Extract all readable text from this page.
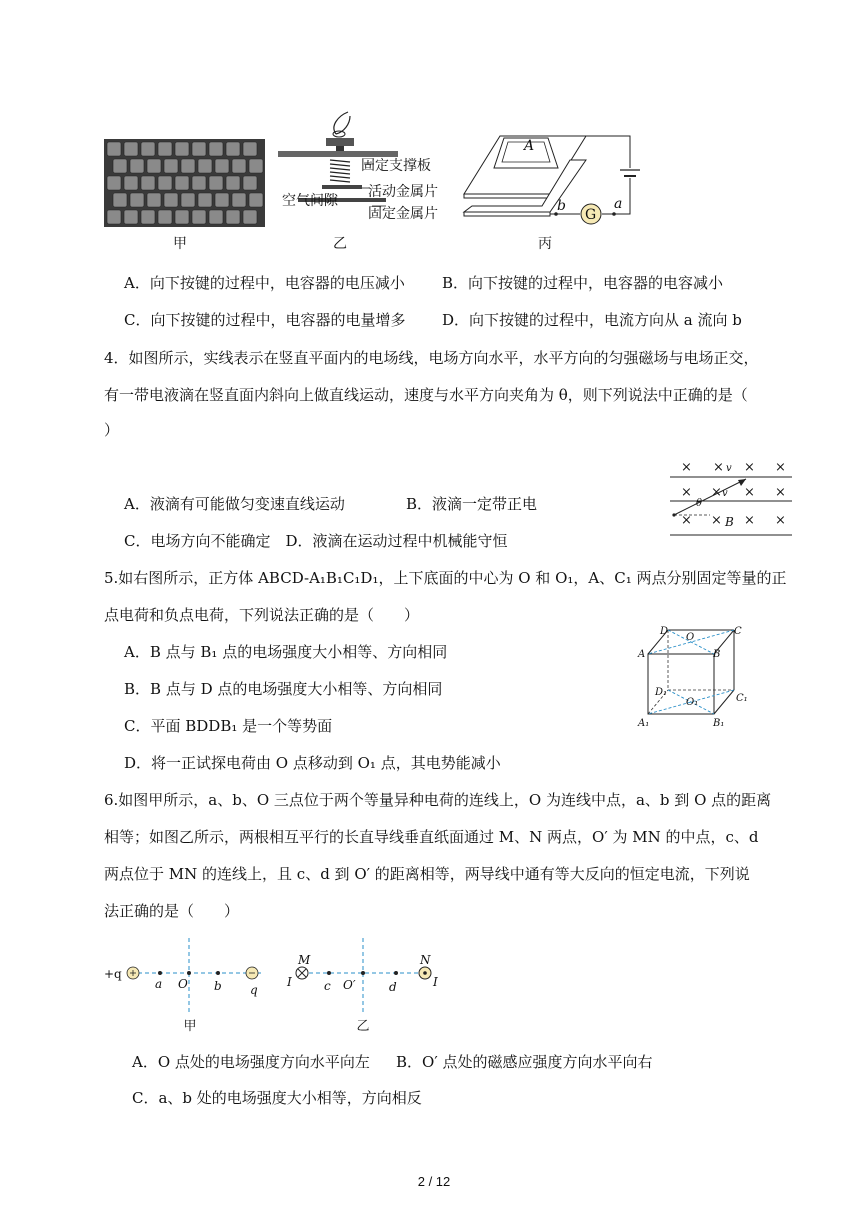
甲
固定支撑板
活动金属片
空气间隙
固定金属片
乙
A
G
b	a
丙
A．向下按键的过程中，电容器的电压减小 B．向下按键的过程中，电容器的电容减小
C．向下按键的过程中，电容器的电量增多 D．向下按键的过程中，电流方向从 a 流向 b
4．如图所示，实线表示在竖直平面内的电场线，电场方向水平，水平方向的匀强磁场与电场正交，
有一带电液滴在竖直面内斜向上做直线运动，速度与水平方向夹角为 θ，则下列说法中正确的是（
）
× × v × ×
× × v × ×
θ
× × B × ×
A．液滴有可能做匀变速直线运动	B．液滴一定带正电
C．电场方向不能确定　D．液滴在运动过程中机械能守恒
5.如右图所示，正方体 ABCD-A₁B₁C₁D₁，上下底面的中心为 O 和 O₁，A、C₁ 两点分别固定等量的正
点电荷和负点电荷，下列说法正确的是（　　）
A．B 点与 B₁ 点的电场强度大小相等、方向相同
B．B 点与 D 点的电场强度大小相等、方向相同
C．平面 BDDB₁ 是一个等势面
D．将一正试探电荷由 O 点移动到 O₁ 点，其电势能减小
D
O
C
A	B
D₁
O₁	C₁
A₁	B₁
6.如图甲所示，a、b、O 三点位于两个等量异种电荷的连线上，O 为连线中点，a、b 到 O 点的距离
相等；如图乙所示，两根相互平行的长直导线垂直纸面通过 M、N 两点，O′ 为 MN 的中点，c、d
两点位于 MN 的连线上，且 c、d 到 O′ 的距离相等，两导线中通有等大反向的恒定电流，下列说
法正确的是（　　）
+q
a O b q
甲
M	N
I	c O′	d	I
乙
A．O 点处的电场强度方向水平向左 B．O′ 点处的磁感应强度方向水平向右
C．a、b 处的电场强度大小相等，方向相反
2 / 12
